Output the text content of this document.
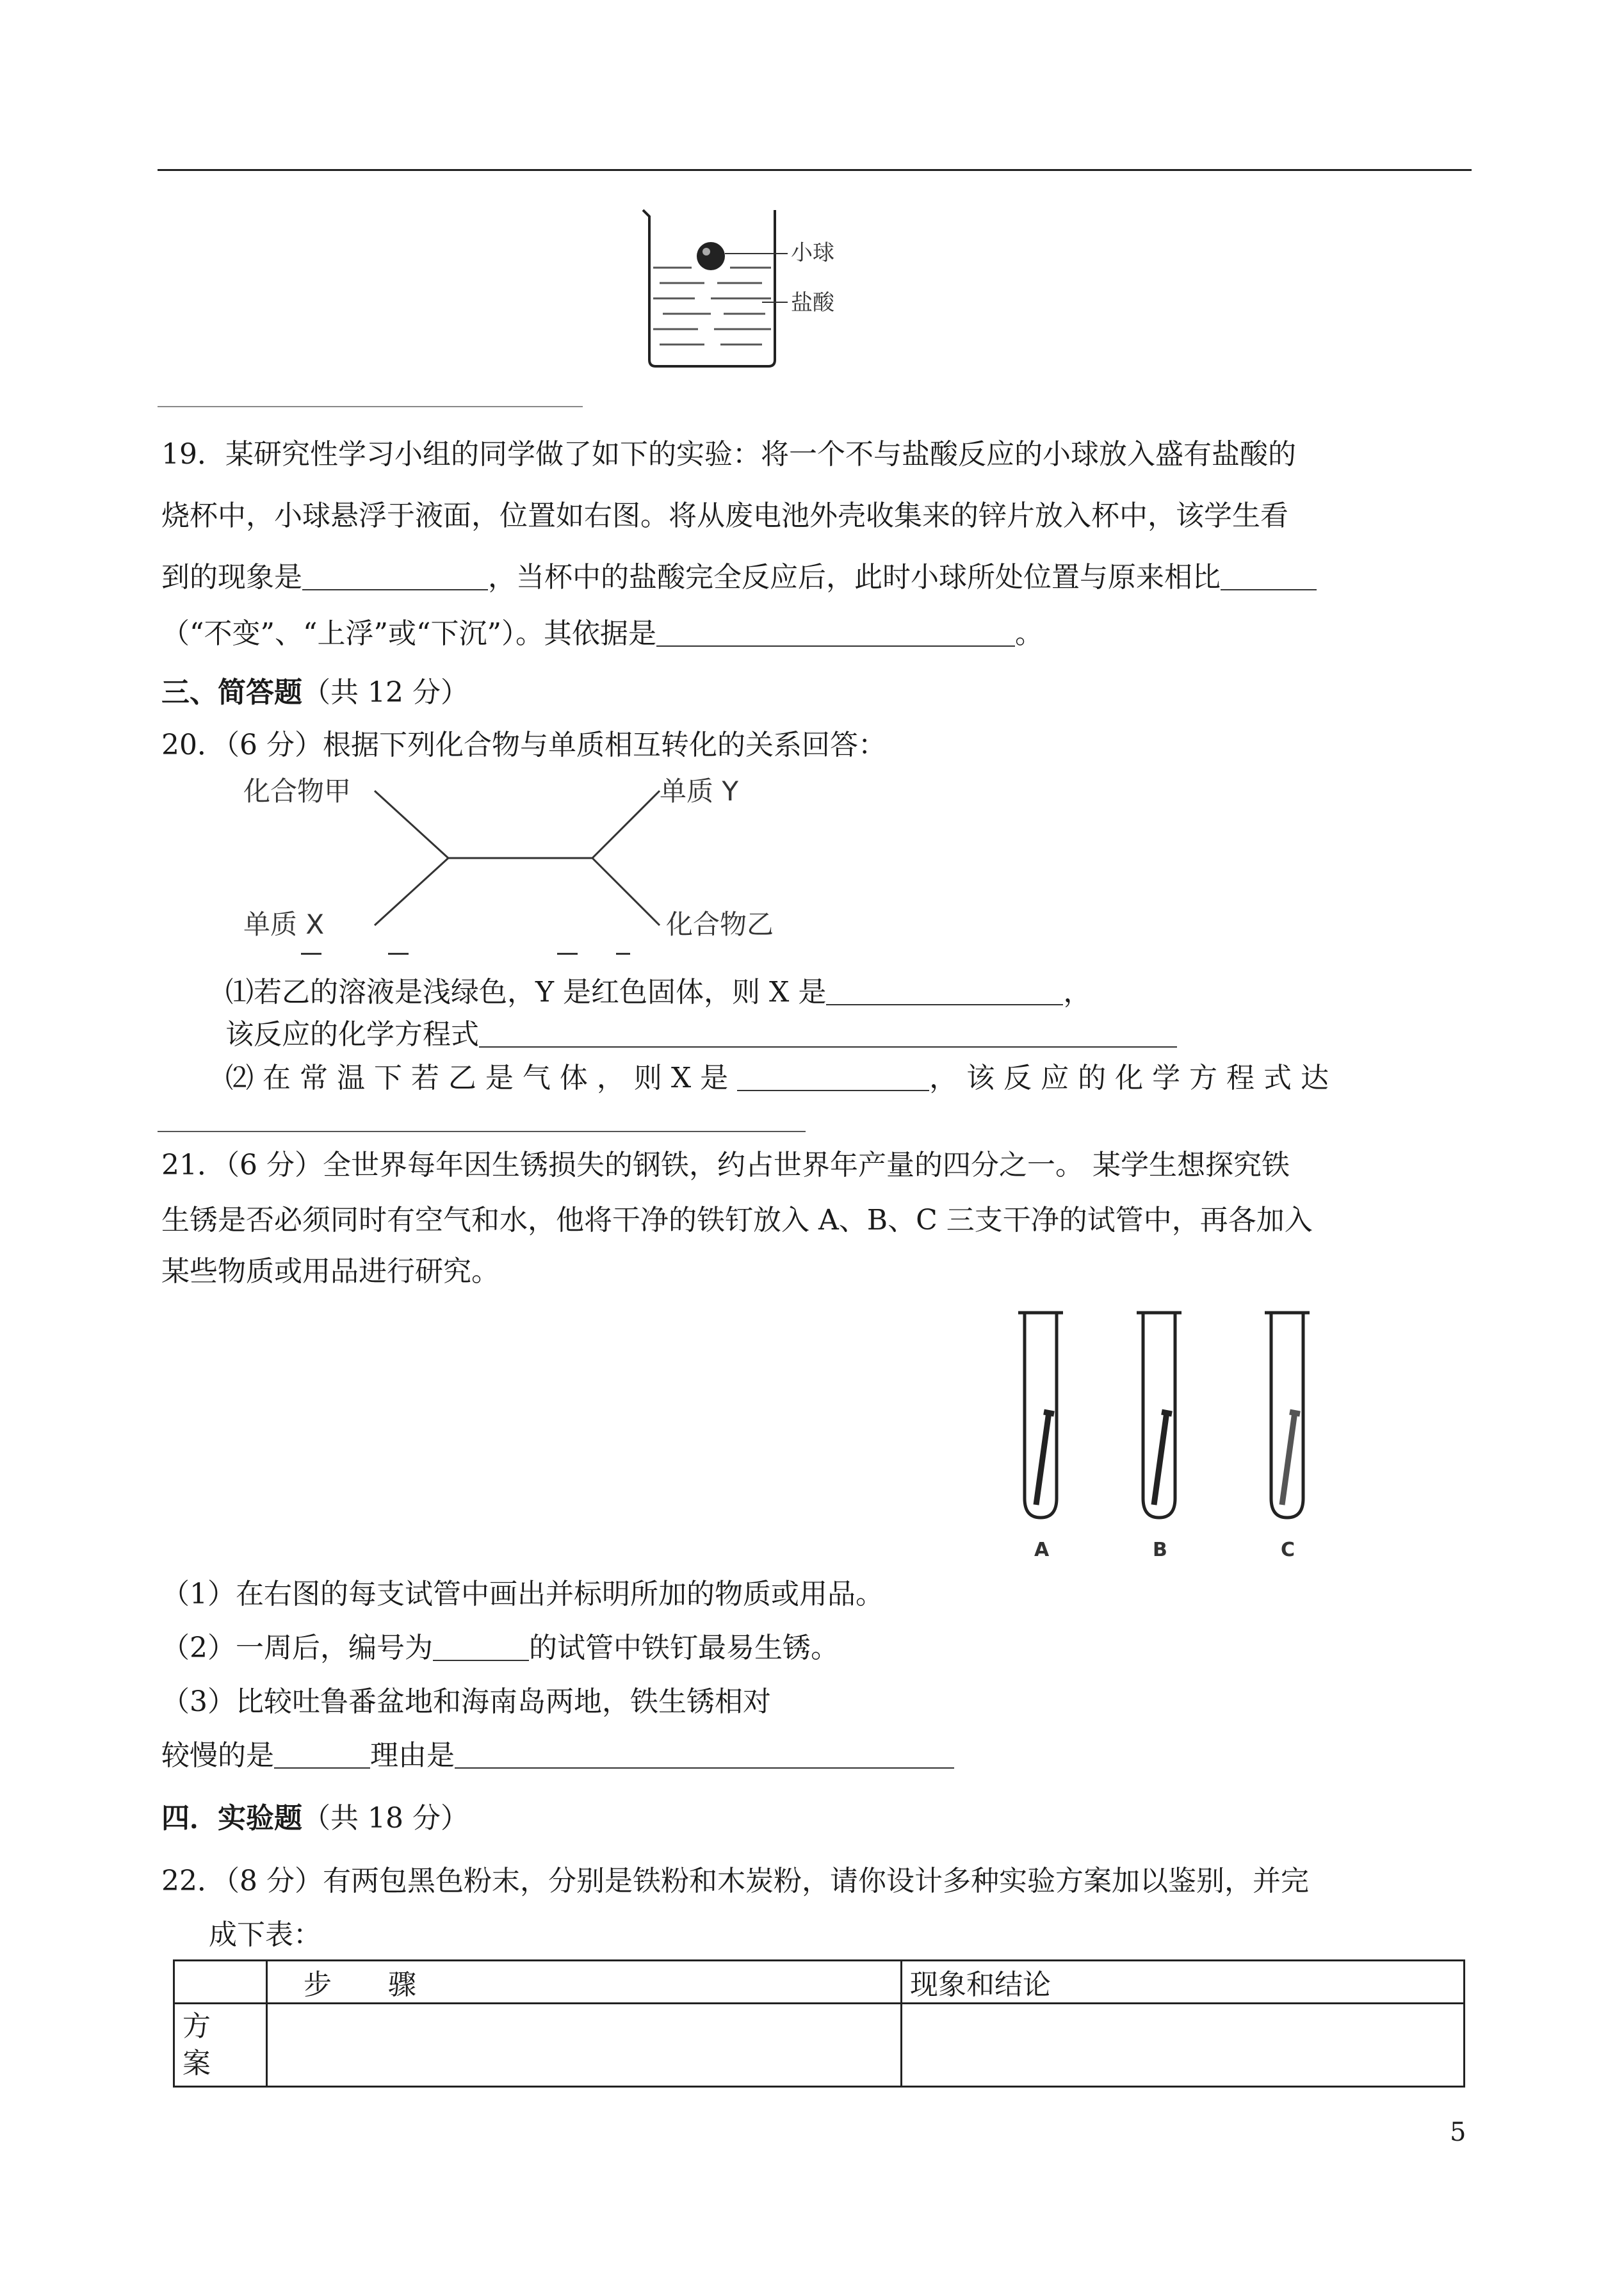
小球
盐酸
19．某研究性学习小组的同学做了如下的实验：将一个不与盐酸反应的小球放入盛有盐酸的
烧杯中，小球悬浮于液面，位置如右图。将从废电池外壳收集来的锌片放入杯中，该学生看
到的现象是	，当杯中的盐酸完全反应后，此时小球所处位置与原来相比
（“不变”、“上浮”或“下沉”）。其依据是	。
三、简答题（共 12 分）
20．（6 分）根据下列化合物与单质相互转化的关系回答：
化合物甲	单质 Y
单质 X	化合物乙
⑴若乙的溶液是浅绿色，Y 是红色固体，则 X 是	，
该反应的化学方程式
⑵ 在 常 温 下 若 乙 是 气 体 ， 则 X 是	， 该 反 应 的 化 学 方 程 式 达
21．（6 分）全世界每年因生锈损失的钢铁，约占世界年产量的四分之一。 某学生想探究铁
生锈是否必须同时有空气和水，他将干净的铁钉放入 A、B、C 三支干净的试管中，再各加入
某些物质或用品进行研究。
A	B	C
（1）在右图的每支试管中画出并标明所加的物质或用品。
（2）一周后，编号为	的试管中铁钉最易生锈。
（3）比较吐鲁番盆地和海南岛两地，铁生锈相对
较慢的是	理由是
四．实验题（共 18 分）
22．（8 分）有两包黑色粉末，分别是铁粉和木炭粉，请你设计多种实验方案加以鉴别，并完
成下表：
	步　　骤	现象和结论
方
案		
5
